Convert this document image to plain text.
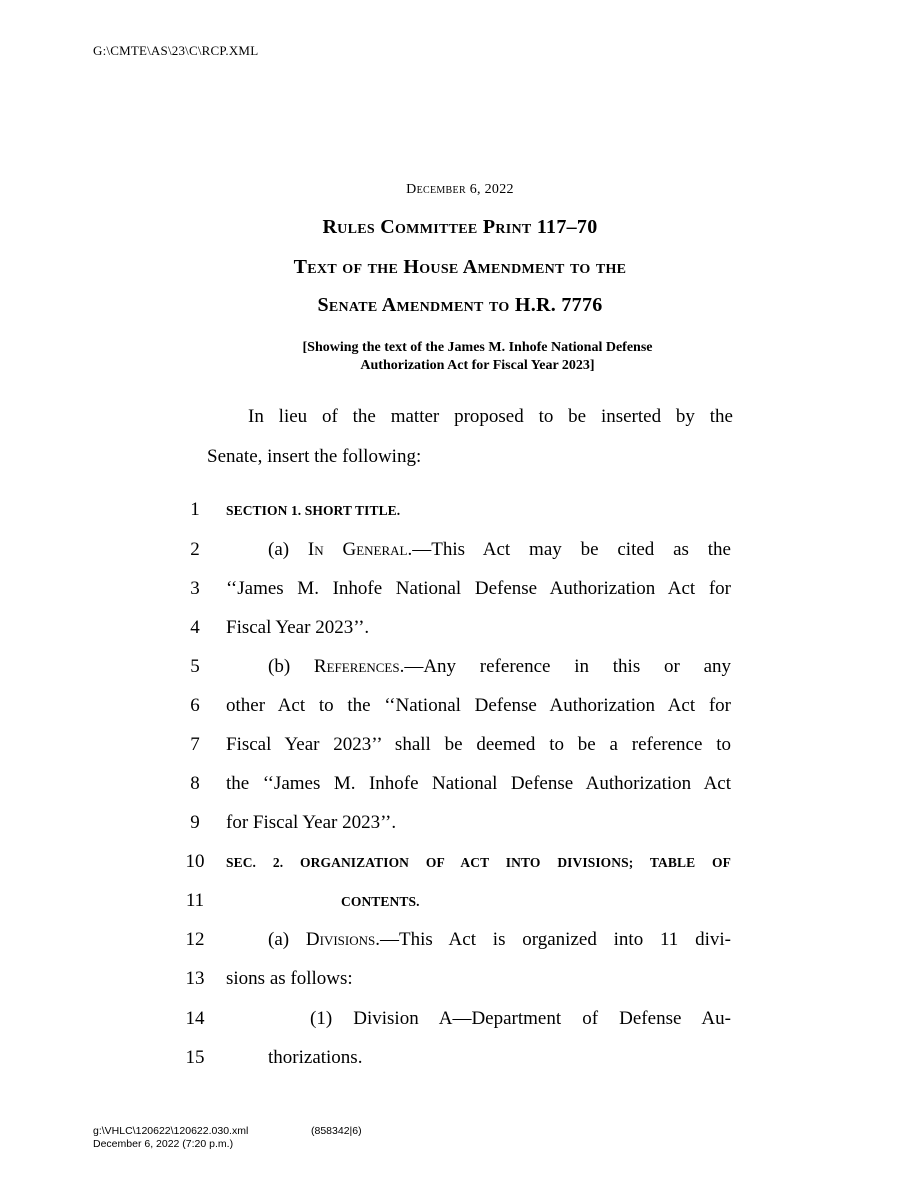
G:\CMTE\AS\23\C\RCP.XML
December 6, 2022
Rules Committee Print 117–70
Text of the House Amendment to the
Senate Amendment to H.R. 7776
[Showing the text of the James M. Inhofe National Defense
Authorization Act for Fiscal Year 2023]
In lieu of the matter proposed to be inserted by the
Senate, insert the following:
1	SECTION 1. SHORT TITLE.
2	(a) In General.—This Act may be cited as the
3	‘‘James M. Inhofe National Defense Authorization Act for
4	Fiscal Year 2023’’.
5	(b) References.—Any reference in this or any
6	other Act to the ‘‘National Defense Authorization Act for
7	Fiscal Year 2023’’ shall be deemed to be a reference to
8	the ‘‘James M. Inhofe National Defense Authorization Act
9	for Fiscal Year 2023’’.
10	SEC. 2. ORGANIZATION OF ACT INTO DIVISIONS; TABLE OF
11	CONTENTS.
12	(a) Divisions.—This Act is organized into 11 divi-
13 sions as follows:
14	(1) Division A—Department of Defense Au-
15	thorizations.
g:\VHLC\120622\120622.030.xml	(858342|6)
December 6, 2022 (7:20 p.m.)
